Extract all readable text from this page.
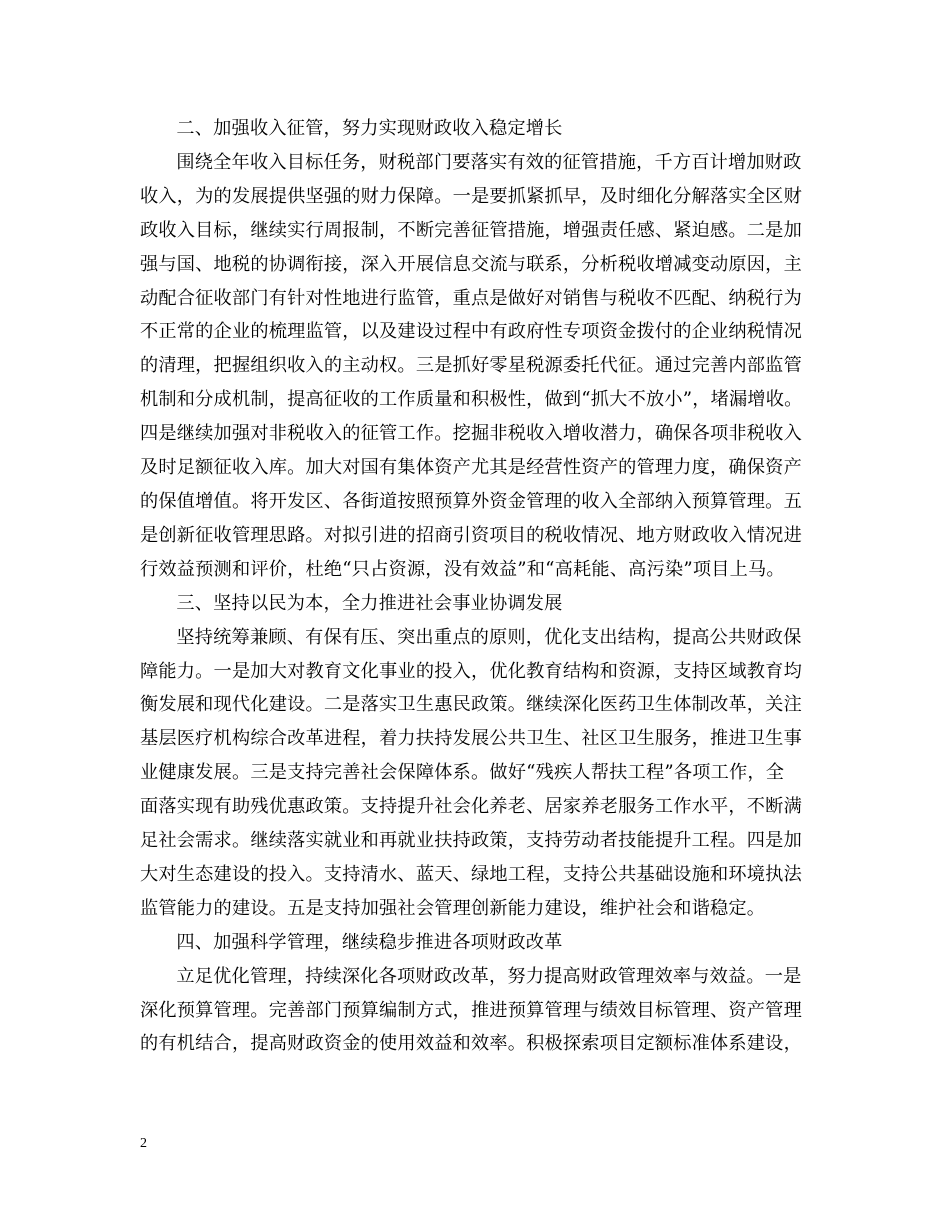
二、加强收入征管，努力实现财政收入稳定增长

围绕全年收入目标任务，财税部门要落实有效的征管措施，千方百计增加财政
收入，为的发展提供坚强的财力保障。一是要抓紧抓早，及时细化分解落实全区财
政收入目标，继续实行周报制，不断完善征管措施，增强责任感、紧迫感。二是加
强与国、地税的协调衔接，深入开展信息交流与联系，分析税收增减变动原因，主
动配合征收部门有针对性地进行监管，重点是做好对销售与税收不匹配、纳税行为
不正常的企业的梳理监管，以及建设过程中有政府性专项资金拨付的企业纳税情况
的清理，把握组织收入的主动权。三是抓好零星税源委托代征。通过完善内部监管
机制和分成机制，提高征收的工作质量和积极性，做到“抓大不放小”，堵漏增收。
四是继续加强对非税收入的征管工作。挖掘非税收入增收潜力，确保各项非税收入
及时足额征收入库。加大对国有集体资产尤其是经营性资产的管理力度，确保资产
的保值增值。将开发区、各街道按照预算外资金管理的收入全部纳入预算管理。五
是创新征收管理思路。对拟引进的招商引资项目的税收情况、地方财政收入情况进
行效益预测和评价，杜绝“只占资源，没有效益”和“高耗能、高污染”项目上马。

三、坚持以民为本，全力推进社会事业协调发展

坚持统筹兼顾、有保有压、突出重点的原则，优化支出结构，提高公共财政保
障能力。一是加大对教育文化事业的投入，优化教育结构和资源，支持区域教育均
衡发展和现代化建设。二是落实卫生惠民政策。继续深化医药卫生体制改革，关注
基层医疗机构综合改革进程，着力扶持发展公共卫生、社区卫生服务，推进卫生事
业健康发展。三是支持完善社会保障体系。做好“残疾人帮扶工程”各项工作，全
面落实现有助残优惠政策。支持提升社会化养老、居家养老服务工作水平，不断满
足社会需求。继续落实就业和再就业扶持政策，支持劳动者技能提升工程。四是加
大对生态建设的投入。支持清水、蓝天、绿地工程，支持公共基础设施和环境执法
监管能力的建设。五是支持加强社会管理创新能力建设，维护社会和谐稳定。

四、加强科学管理，继续稳步推进各项财政改革

立足优化管理，持续深化各项财政改革，努力提高财政管理效率与效益。一是
深化预算管理。完善部门预算编制方式，推进预算管理与绩效目标管理、资产管理
的有机结合，提高财政资金的使用效益和效率。积极探索项目定额标准体系建设，

2
